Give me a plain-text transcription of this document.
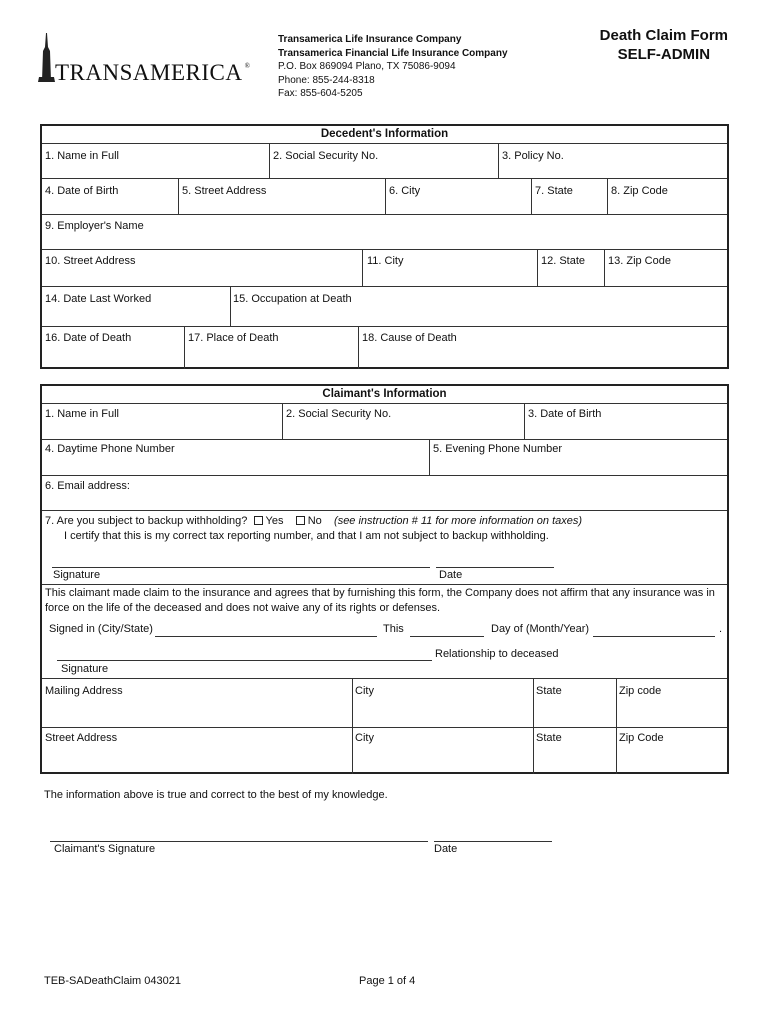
TRANSAMERICA ®
Transamerica Life Insurance Company
Transamerica Financial Life Insurance Company
P.O. Box 869094 Plano, TX 75086-9094
Phone: 855-244-8318
Fax: 855-604-5205
Death Claim Form
SELF-ADMIN
Decedent's Information
1. Name in Full	2. Social Security No.	3. Policy No.
4. Date of Birth	5. Street Address	6. City	7. State	8. Zip Code
9. Employer's Name
10. Street Address	11. City	12. State 13. Zip Code
14. Date Last Worked	15. Occupation at Death
16. Date of Death	17. Place of Death	18. Cause of Death
Claimant's Information
1. Name in Full	2. Social Security No.	3. Date of Birth
4. Daytime Phone Number	5. Evening Phone Number
6. Email address:
7. Are you subject to backup withholding? Yes No (see instruction # 11 for more information on taxes)
I certify that this is my correct tax reporting number, and that I am not subject to backup withholding.
Signature	Date
This claimant made claim to the insurance and agrees that by furnishing this form, the Company does not affirm that any insurance was in force on the life of the deceased and does not waive any of its rights or defenses.
Signed in (City/State)	This	Day of (Month/Year)	.
Relationship to deceased
Signature
Mailing Address	City	State	Zip code
Street Address	City	State	Zip Code
The information above is true and correct to the best of my knowledge.
Claimant's Signature	Date
TEB-SADeathClaim 043021	Page 1 of 4
